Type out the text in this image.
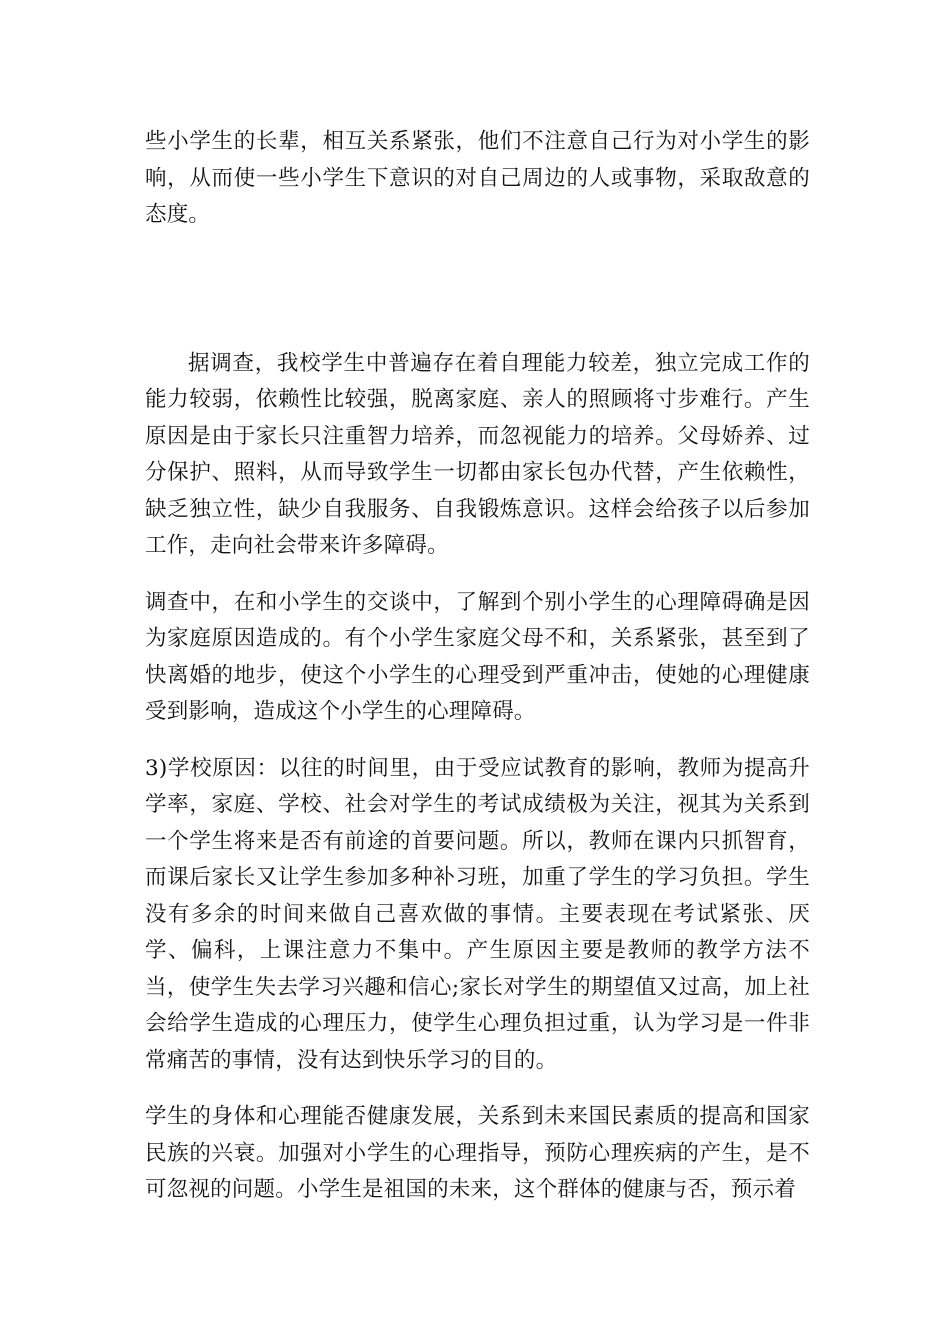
些小学生的长辈，相互关系紧张，他们不注意自己行为对小学生的影响，从而使一些小学生下意识的对自己周边的人或事物，采取敌意的态度。

据调查，我校学生中普遍存在着自理能力较差，独立完成工作的能力较弱，依赖性比较强，脱离家庭、亲人的照顾将寸步难行。产生原因是由于家长只注重智力培养，而忽视能力的培养。父母娇养、过分保护、照料，从而导致学生一切都由家长包办代替，产生依赖性，缺乏独立性，缺少自我服务、自我锻炼意识。这样会给孩子以后参加工作，走向社会带来许多障碍。

调查中，在和小学生的交谈中，了解到个别小学生的心理障碍确是因为家庭原因造成的。有个小学生家庭父母不和，关系紧张，甚至到了快离婚的地步，使这个小学生的心理受到严重冲击，使她的心理健康受到影响，造成这个小学生的心理障碍。

3)学校原因：以往的时间里，由于受应试教育的影响，教师为提高升学率，家庭、学校、社会对学生的考试成绩极为关注，视其为关系到一个学生将来是否有前途的首要问题。所以，教师在课内只抓智育，而课后家长又让学生参加多种补习班，加重了学生的学习负担。学生没有多余的时间来做自己喜欢做的事情。主要表现在考试紧张、厌学、偏科，上课注意力不集中。产生原因主要是教师的教学方法不当，使学生失去学习兴趣和信心;家长对学生的期望值又过高，加上社会给学生造成的心理压力，使学生心理负担过重，认为学习是一件非常痛苦的事情，没有达到快乐学习的目的。

学生的身体和心理能否健康发展，关系到未来国民素质的提高和国家民族的兴衰。加强对小学生的心理指导，预防心理疾病的产生，是不可忽视的问题。小学生是祖国的未来，这个群体的健康与否，预示着
